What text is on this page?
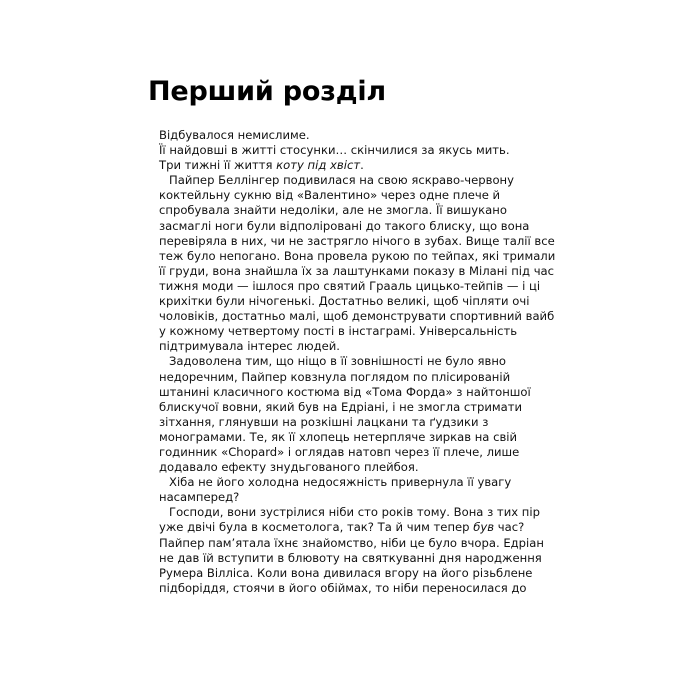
Перший розділ

Відбувалося немислиме.

Її найдовші в житті стосунки… скінчилися за якусь мить.

Три тижні її життя коту під хвіст.

Пайпер Беллінгер подивилася на свою яскраво-червону коктейльну сукню від «Валентино» через одне плече й спробувала знайти недоліки, але не змогла. Її вишукано засмаглі ноги були відполіровані до такого блиску, що вона перевіряла в них, чи не застрягло нічого в зубах. Вище талії все теж було непогано. Вона провела рукою по тейпах, які тримали її груди, вона знайшла їх за лаштунками показу в Мілані під час тижня моди — ішлося про святий Грааль цицько-тейпів — і ці крихітки були нічогенькі. Достатньо великі, щоб чіпляти очі чоловіків, достатньо малі, щоб демонструвати спортивний вайб у кожному четвертому пості в інстаграмі. Універсальність підтримувала інтерес людей.

Задоволена тим, що ніщо в її зовнішності не було явно недоречним, Пайпер ковзнула поглядом по плісированій штанині класичного костюма від «Тома Форда» з найтоншої блискучої вовни, який був на Едріані, і не змогла стримати зітхання, глянувши на розкішні лацкани та ґудзики з монограмами. Те, як її хлопець нетерпляче зиркав на свій годинник «Chopard» і оглядав натовп через її плече, лише додавало ефекту знудьгованого плейбоя.

Хіба не його холодна недосяжність привернула її увагу насамперед?

Господи, вони зустрілися ніби сто років тому. Вона з тих пір уже двічі була в косметолога, так? Та й чим тепер був час? Пайпер пам’ятала їхнє знайомство, ніби це було вчора. Едріан не дав їй вступити в блювоту на святкуванні дня народження Румера Вілліса. Коли вона дивилася вгору на його різьблене підборіддя, стоячи в його обіймах, то ніби переносилася до
